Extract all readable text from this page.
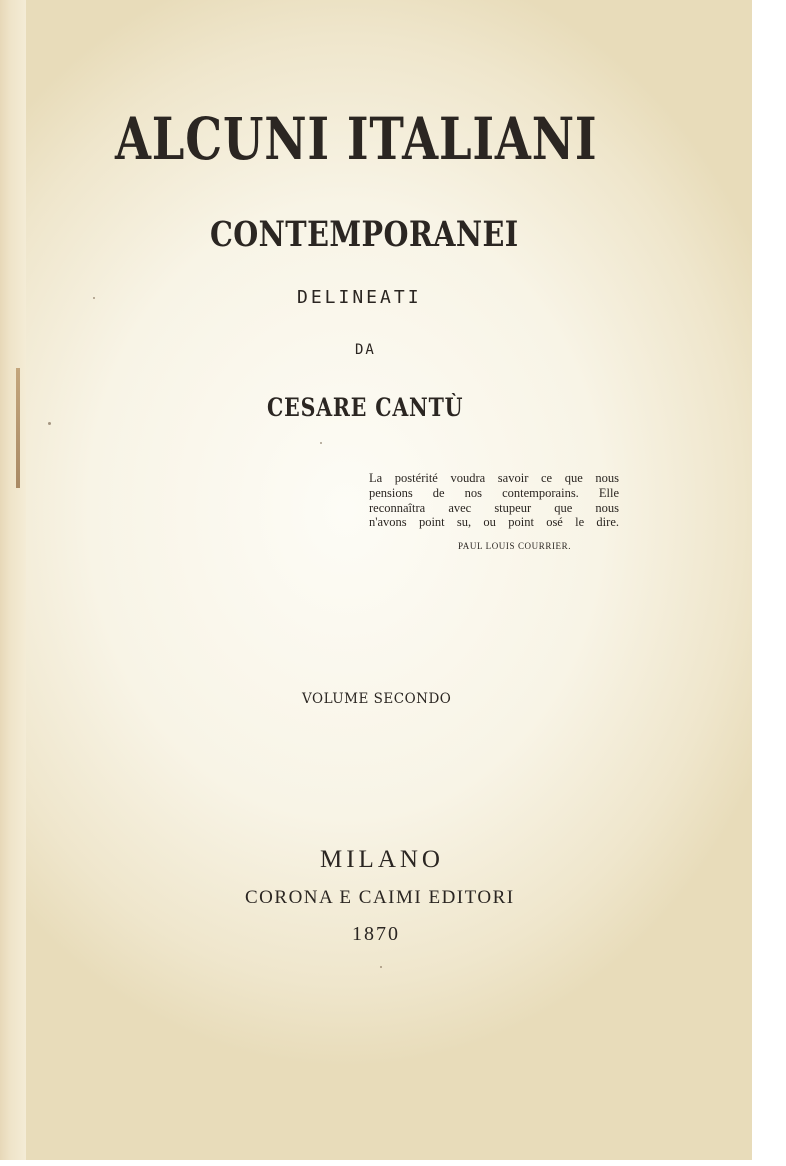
ALCUNI ITALIANI
CONTEMPORANEI
DELINEATI
DA
CESARE CANTÙ
La postérité voudra savoir ce que nous
pensions de nos contemporains. Elle
reconnaîtra avec stupeur que nous
n'avons point su, ou point osé le dire.
PAUL LOUIS COURRIER.
VOLUME SECONDO
MILANO
CORONA E CAIMI EDITORI
1870
